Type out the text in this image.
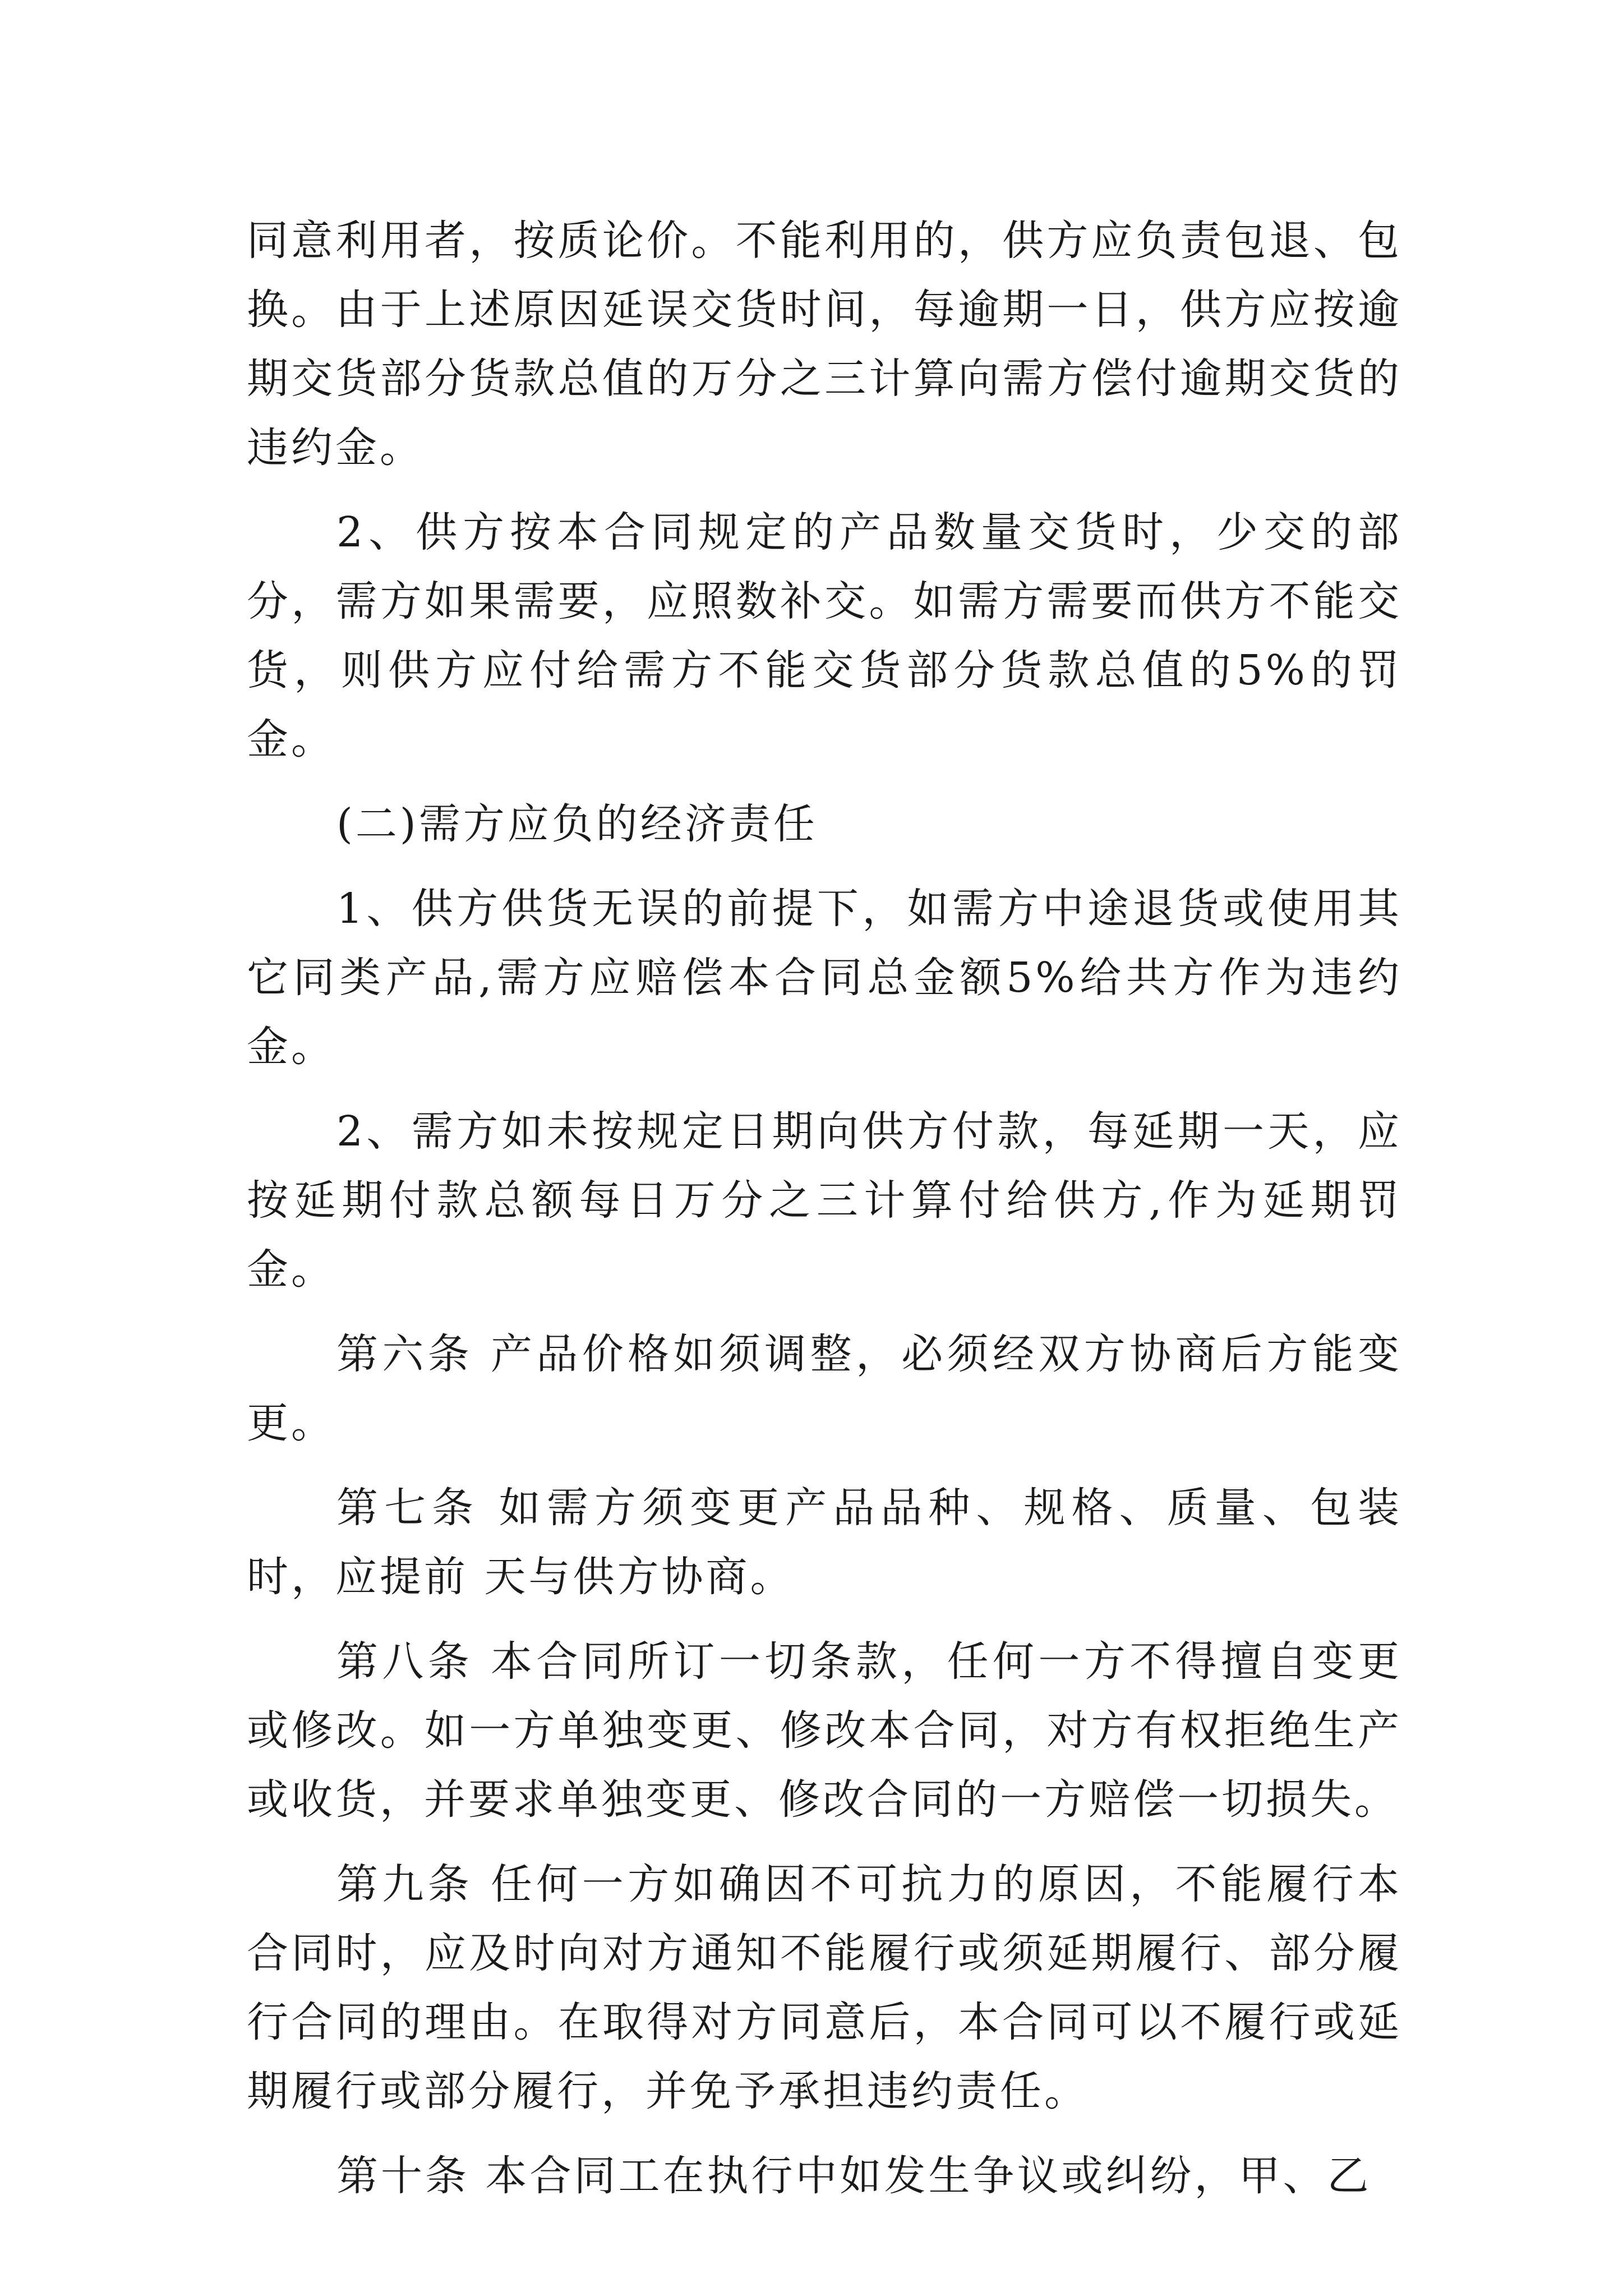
同意利用者，按质论价。不能利用的，供方应负责包退、包换。由于上述原因延误交货时间，每逾期一日，供方应按逾期交货部分货款总值的万分之三计算向需方偿付逾期交货的违约金。

2、供方按本合同规定的产品数量交货时，少交的部分，需方如果需要，应照数补交。如需方需要而供方不能交货，则供方应付给需方不能交货部分货款总值的5%的罚金。

(二)需方应负的经济责任

1、供方供货无误的前提下，如需方中途退货或使用其它同类产品,需方应赔偿本合同总金额5%给共方作为违约金。

2、需方如未按规定日期向供方付款，每延期一天，应按延期付款总额每日万分之三计算付给供方,作为延期罚金。

第六条 产品价格如须调整，必须经双方协商后方能变更。

第七条 如需方须变更产品品种、规格、质量、包装时，应提前 天与供方协商。

第八条 本合同所订一切条款，任何一方不得擅自变更或修改。如一方单独变更、修改本合同，对方有权拒绝生产或收货，并要求单独变更、修改合同的一方赔偿一切损失。

第九条 任何一方如确因不可抗力的原因，不能履行本合同时，应及时向对方通知不能履行或须延期履行、部分履行合同的理由。在取得对方同意后，本合同可以不履行或延期履行或部分履行，并免予承担违约责任。

第十条 本合同工在执行中如发生争议或纠纷，甲、乙
